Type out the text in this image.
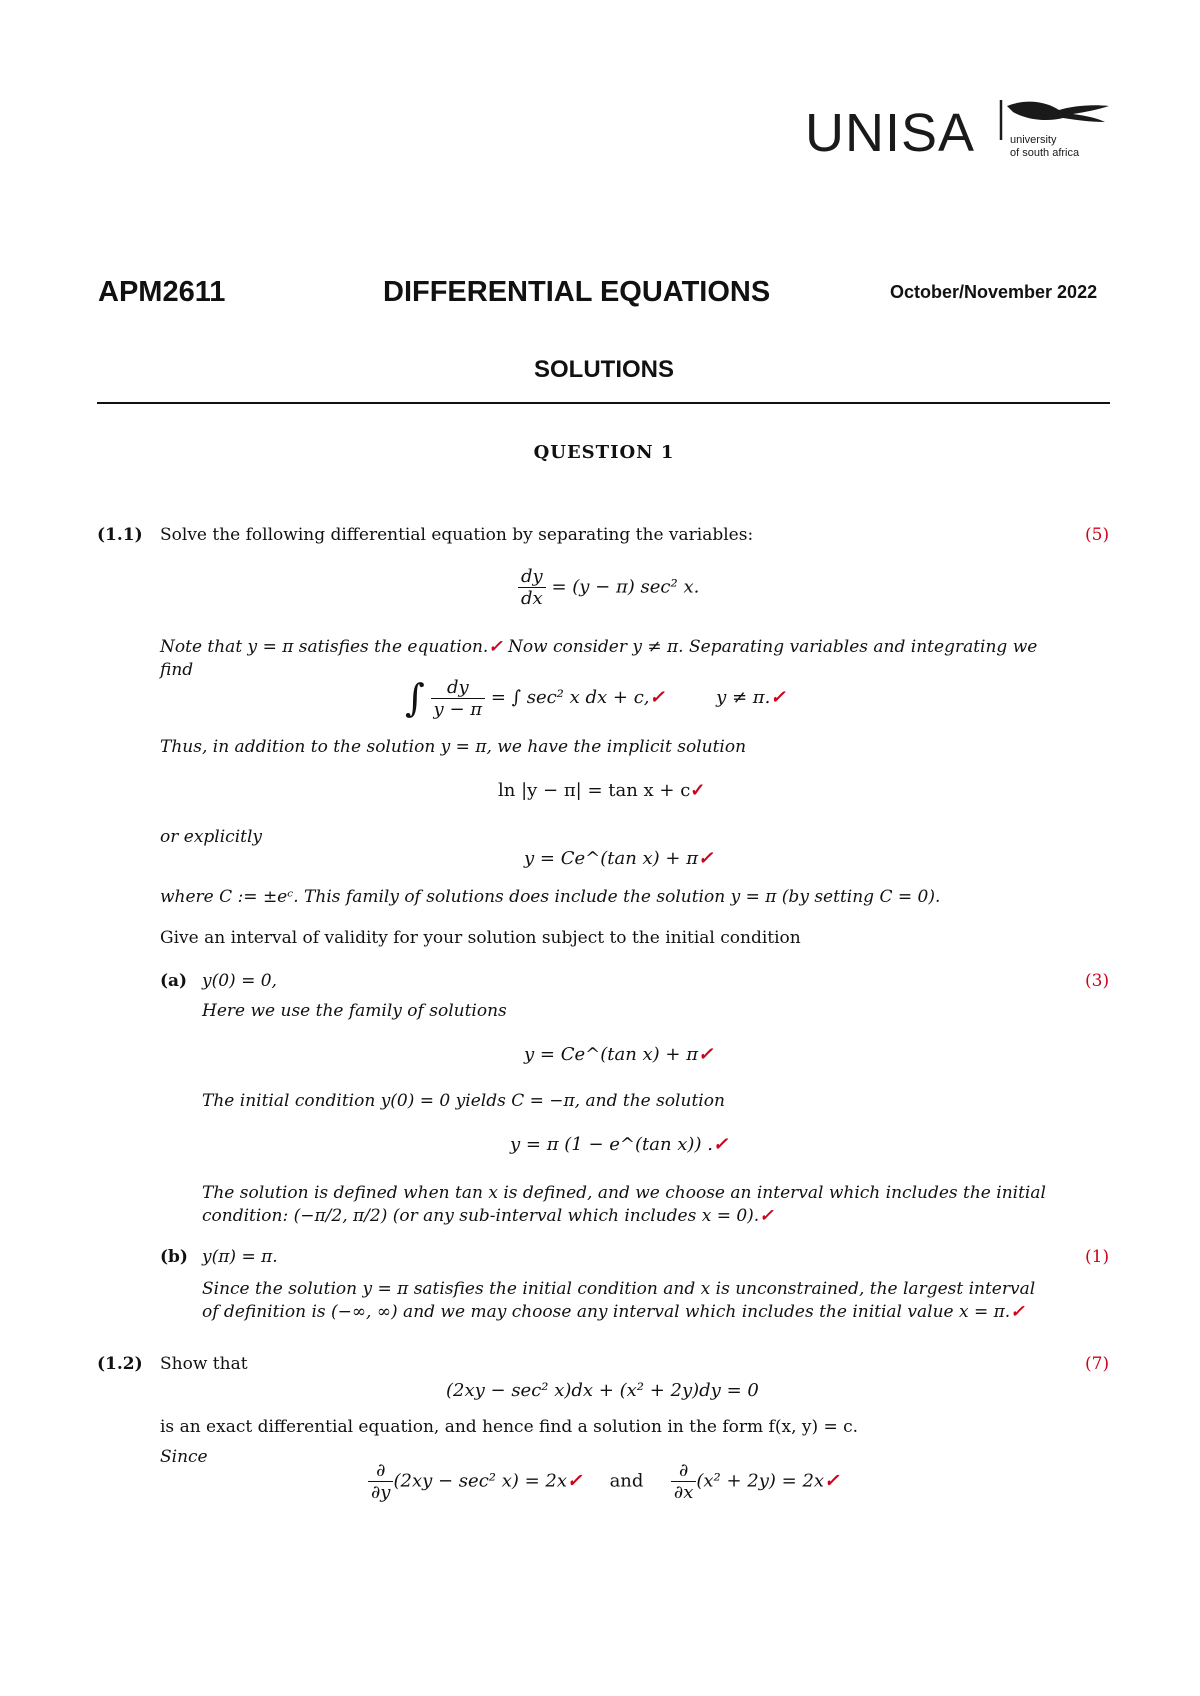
UNISA	university
of south africa
APM2611	DIFFERENTIAL EQUATIONS	October/November 2022
SOLUTIONS
QUESTION 1
(1.1) Solve the following differential equation by separating the variables:	(5)
$\frac{dy}{dx} = (y - \pi)$ sec² x.
Note that y = π satisfies the equation.✓ Now consider y ≠ π. Separating variables and integrating we
find
∫ $\frac{dy}{y - \pi}$ = ∫ sec² x dx + c,✓	y ≠ π.✓
Thus, in addition to the solution y = π, we have the implicit solution
ln |y − π| = tan x + c✓
or explicitly
y = Ce^(tan x) + π✓
where C := ±eᶜ. This family of solutions does include the solution y = π (by setting C = 0).
Give an interval of validity for your solution subject to the initial condition
(a) y(0) = 0,	(3)
Here we use the family of solutions
y = Ce^(tan x) + π✓
The initial condition y(0) = 0 yields C = −π, and the solution
y = π (1 − e^(tan x)) .✓
The solution is defined when tan x is defined, and we choose an interval which includes the initial
condition: (−π/2, π/2) (or any sub-interval which includes x = 0).✓
(b) y(π) = π.	(1)
Since the solution y = π satisfies the initial condition and x is unconstrained, the largest interval
of definition is (−∞, ∞) and we may choose any interval which includes the initial value x = π.✓
(1.2) Show that	(7)
(2xy − sec² x)dx + (x² + 2y)dy = 0
is an exact differential equation, and hence find a solution in the form f(x, y) = c.
Since
$\frac{\partial}{\partial y} (2xy - \sec^2$ x) = 2x✓ and $\frac{\partial}{\partial x} (x^2 + 2y)$ = 2x✓
